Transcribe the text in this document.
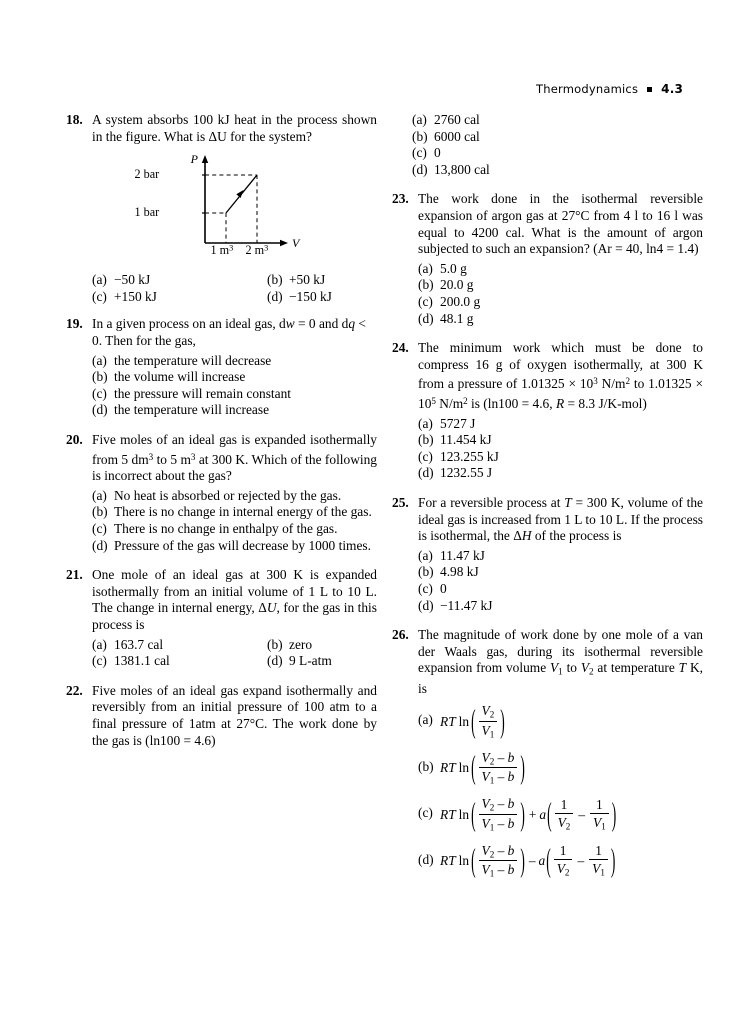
Thermodynamics 4.3
18. A system absorbs 100 kJ heat in the process shown in the figure. What is ΔU for the system?
P
V
2 bar
1 bar
1 $m^3$ 2 $m^3$
(a) −50 kJ	(b) +50 kJ
(c) +150 kJ	(d) −150 kJ
19. In a given process on an ideal gas, dw = 0 and dq < 0. Then for the gas,
(a) the temperature will decrease
(b) the volume will increase
(c) the pressure will remain constant
(d) the temperature will increase
20. Five moles of an ideal gas is expanded isothermally from 5 $dm^3$ to 5 $m^3$ at 300 K. Which of the following is incorrect about the gas?
(a) No heat is absorbed or rejected by the gas.
(b) There is no change in internal energy of the gas.
(c) There is no change in enthalpy of the gas.
(d) Pressure of the gas will decrease by 1000 times.
21. One mole of an ideal gas at 300 K is expanded isothermally from an initial volume of 1 L to 10 L. The change in internal energy, ΔU, for the gas in this process is
(a) 163.7 cal	(b) zero
(c) 1381.1 cal	(d) 9 L-atm
22. Five moles of an ideal gas expand isothermally and reversibly from an initial pressure of 100 atm to a final pressure of 1atm at 27°C. The work done by the gas is (ln100 = 4.6)
(a) 2760 cal
(b) 6000 cal
(c) 0
(d) 13,800 cal
23. The work done in the isothermal reversible expansion of argon gas at 27°C from 4 l to 16 l was equal to 4200 cal. What is the amount of argon subjected to such an expansion? (Ar = 40, ln4 = 1.4)
(a) 5.0 g
(b) 20.0 g
(c) 200.0 g
(d) 48.1 g
24. The minimum work which must be done to compress 16 g of oxygen isothermally, at 300 K from a pressure of $1.01325 \times 10^3$ $N/m^2$ to $1.01325 \times 10^5$ $N/m^2$ is (ln100 = 4.6, R = 8.3 J/K-mol)
(a) 5727 J
(b) 11.454 kJ
(c) 123.255 kJ
(d) 1232.55 J
25. For a reversible process at T = 300 K, volume of the ideal gas is increased from 1 L to 10 L. If the process is isothermal, the ΔH of the process is
(a) 11.47 kJ
(b) 4.98 kJ
(c) 0
(d) −11.47 kJ
26. The magnitude of work done by one mole of a van der Waals gas, during its isothermal reversible expansion from volume V1 to V2 at temperature T K, is
(a) R T ln ( $\frac{V2}{V1}$ )
(b) R T ln ( $\frac{V2 - b}{V1 - b}$ )
(c) R T ln ( $\frac{V2 - b}{V1 - b}$ ) + a ( $\frac{1}{V2} - \frac{1}{V1}$ )
(d) R T ln ( $\frac{V2 - b}{V1 - b}$ ) – a ( $\frac{1}{V2} - \frac{1}{V1}$ )
